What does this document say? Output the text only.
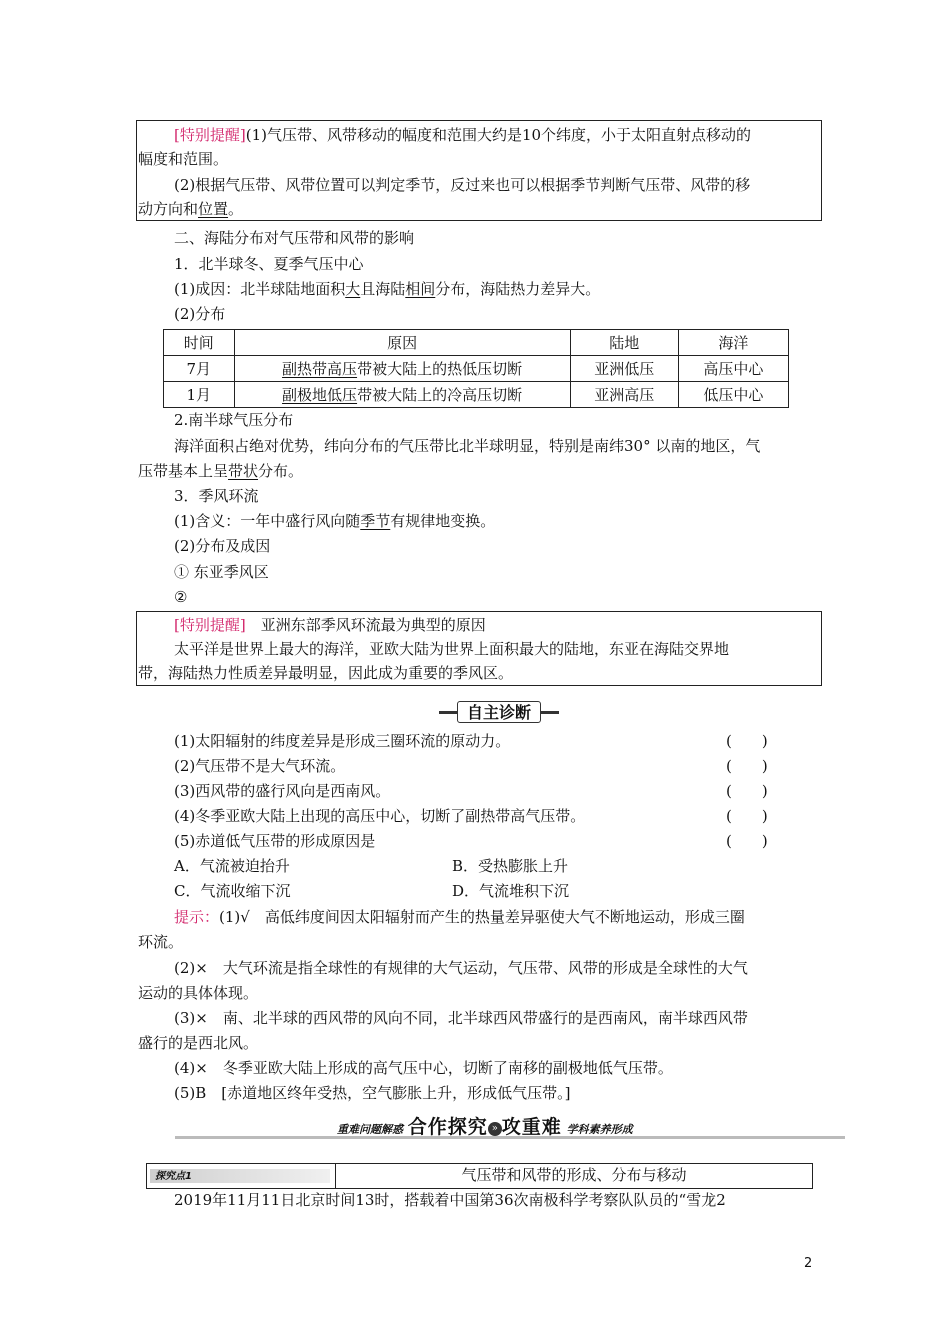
[特别提醒](1)气压带、风带移动的幅度和范围大约是10个纬度，小于太阳直射点移动的
幅度和范围。
(2)根据气压带、风带位置可以判定季节，反过来也可以根据季节判断气压带、风带的移
动方向和位置。
二、海陆分布对气压带和风带的影响
1．北半球冬、夏季气压中心
(1)成因：北半球陆地面积大且海陆相间分布，海陆热力差异大。
(2)分布
时间	原因	陆地	海洋
7月	副热带高压带被大陆上的热低压切断	亚洲低压	高压中心
1月	副极地低压带被大陆上的冷高压切断	亚洲高压	低压中心
2.南半球气压分布
海洋面积占绝对优势，纬向分布的气压带比北半球明显，特别是南纬30° 以南的地区，气
压带基本上呈带状分布。
3．季风环流
(1)含义：一年中盛行风向随季节有规律地变换。
(2)分布及成因
① 东亚季风区
②
[特别提醒]　 亚洲东部季风环流最为典型的原因
太平洋是世界上最大的海洋，亚欧大陆为世界上面积最大的陆地，东亚在海陆交界地
带，海陆热力性质差异最明显，因此成为重要的季风区。
自主诊断
(1)太阳辐射的纬度差异是形成三圈环流的原动力。	(　　)
(2)气压带不是大气环流。	(　　)
(3)西风带的盛行风向是西南风。	(　　)
(4)冬季亚欧大陆上出现的高压中心，切断了副热带高气压带。	(　　)
(5)赤道低气压带的形成原因是	(　　)
A．气流被迫抬升	B．受热膨胀上升
C．气流收缩下沉	D．气流堆积下沉
提示：(1)√　高低纬度间因太阳辐射而产生的热量差异驱使大气不断地运动，形成三圈
环流。
(2)×　大气环流是指全球性的有规律的大气运动，气压带、风带的形成是全球性的大气
运动的具体体现。
(3)×　南、北半球的西风带的风向不同，北半球西风带盛行的是西南风，南半球西风带
盛行的是西北风。
(4)×　冬季亚欧大陆上形成的高气压中心，切断了南移的副极地低气压带。
(5)B　[赤道地区终年受热，空气膨胀上升，形成低气压带。]
重难问题解惑 合作探究 » 攻重难 学科素养形成
探究点1	气压带和风带的形成、分布与移动
2019年11月11日北京时间13时，搭载着中国第36次南极科学考察队队员的“雪龙2
2
